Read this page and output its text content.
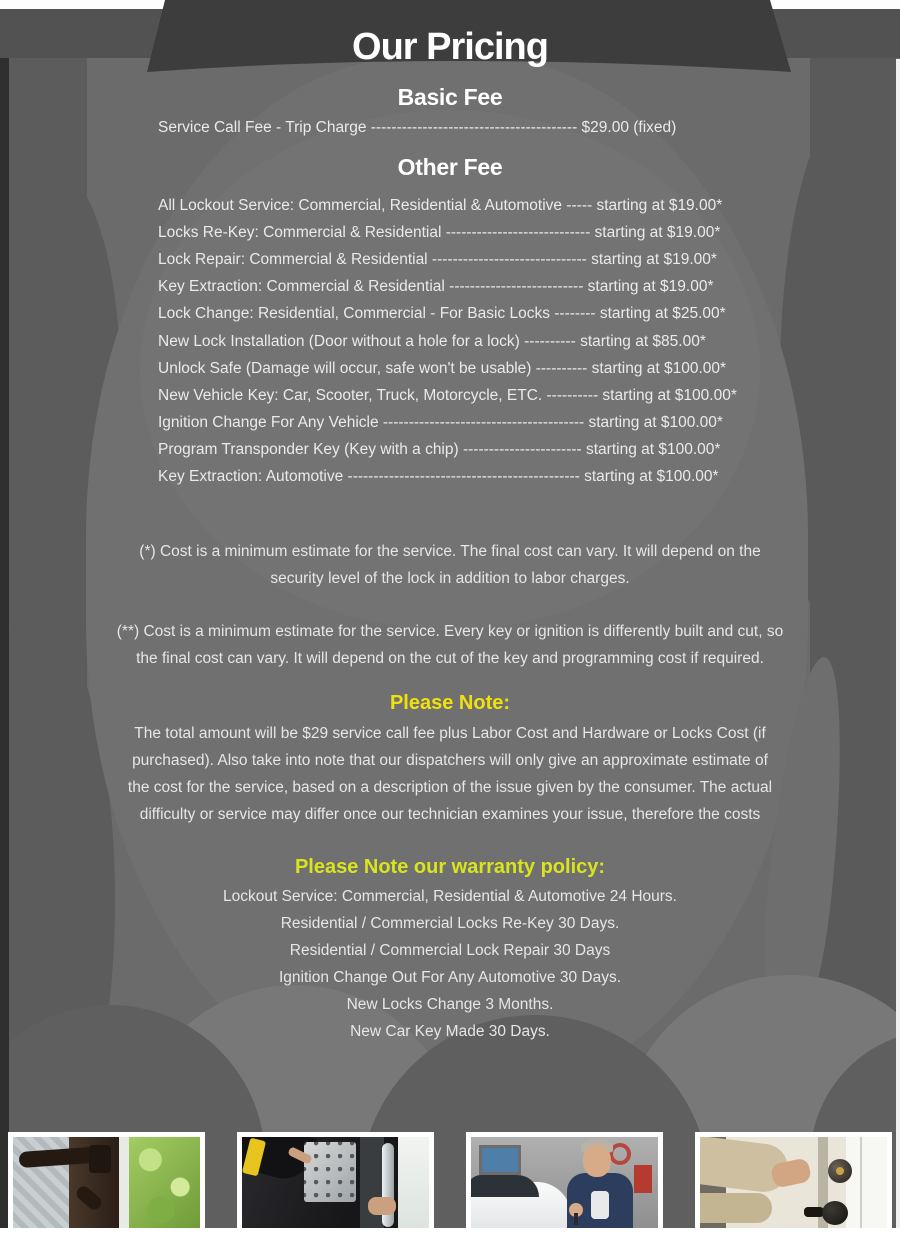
Our Pricing
Basic Fee
Service Call Fee - Trip Charge ---------------------------------------- $29.00 (fixed)
Other Fee
All Lockout Service: Commercial, Residential & Automotive ----- starting at $19.00*
Locks Re-Key: Commercial & Residential ---------------------------- starting at $19.00*
Lock Repair: Commercial & Residential ------------------------------ starting at $19.00*
Key Extraction: Commercial & Residential -------------------------- starting at $19.00*
Lock Change: Residential, Commercial - For Basic Locks -------- starting at $25.00*
New Lock Installation (Door without a hole for a lock) ---------- starting at $85.00*
Unlock Safe (Damage will occur, safe won't be usable) ---------- starting at $100.00*
New Vehicle Key: Car, Scooter, Truck, Motorcycle, ETC. ---------- starting at $100.00*
Ignition Change For Any Vehicle --------------------------------------- starting at $100.00*
Program Transponder Key (Key with a chip) ----------------------- starting at $100.00*
Key Extraction: Automotive --------------------------------------------- starting at $100.00*
(*) Cost is a minimum estimate for the service. The final cost can vary. It will depend on the
security level of the lock in addition to labor charges.
(**) Cost is a minimum estimate for the service. Every key or ignition is differently built and cut, so
the final cost can vary. It will depend on the cut of the key and programming cost if required.
Please Note:
The total amount will be $29 service call fee plus Labor Cost and Hardware or Locks Cost (if
purchased). Also take into note that our dispatchers will only give an approximate estimate of
the cost for the service, based on a description of the issue given by the consumer. The actual
difficulty or service may differ once our technician examines your issue, therefore the costs
Please Note our warranty policy:
Lockout Service: Commercial, Residential & Automotive 24 Hours.
Residential / Commercial Locks Re-Key 30 Days.
Residential / Commercial Lock Repair 30 Days
Ignition Change Out For Any Automotive 30 Days.
New Locks Change 3 Months.
New Car Key Made 30 Days.
